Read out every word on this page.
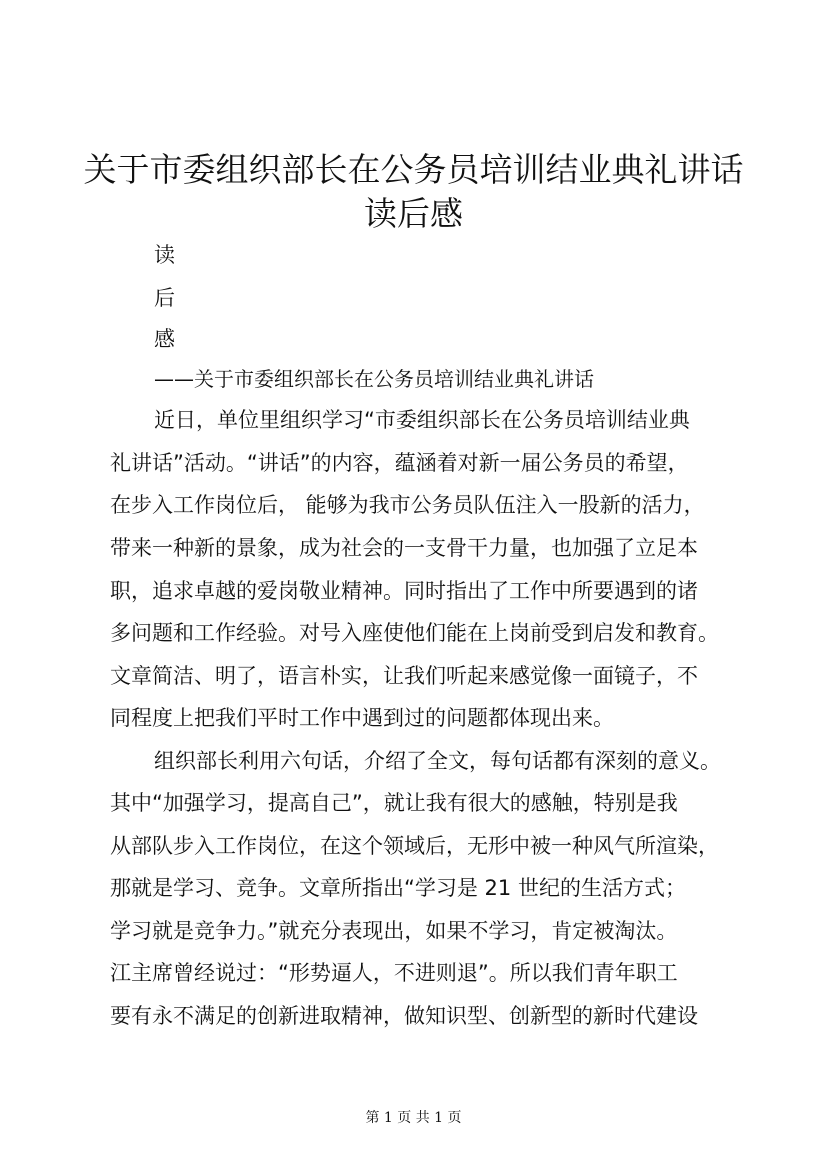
关于市委组织部长在公务员培训结业典礼讲话
读后感
读
后
感
——关于市委组织部长在公务员培训结业典礼讲话
近日，单位里组织学习“市委组织部长在公务员培训结业典
礼讲话”活动。“讲话”的内容，蕴涵着对新一届公务员的希望，
在步入工作岗位后， 能够为我市公务员队伍注入一股新的活力，
带来一种新的景象，成为社会的一支骨干力量，也加强了立足本
职，追求卓越的爱岗敬业精神。同时指出了工作中所要遇到的诸
多问题和工作经验。对号入座使他们能在上岗前受到启发和教育。
文章简洁、明了，语言朴实，让我们听起来感觉像一面镜子，不
同程度上把我们平时工作中遇到过的问题都体现出来。
组织部长利用六句话，介绍了全文，每句话都有深刻的意义。
其中“加强学习，提高自己”，就让我有很大的感触，特别是我
从部队步入工作岗位，在这个领域后，无形中被一种风气所渲染，
那就是学习、竞争。文章所指出“学习是 21 世纪的生活方式；
学习就是竞争力。”就充分表现出，如果不学习，肯定被淘汰。
江主席曾经说过：“形势逼人，不进则退”。所以我们青年职工
要有永不满足的创新进取精神，做知识型、创新型的新时代建设
第 1 页 共 1 页
